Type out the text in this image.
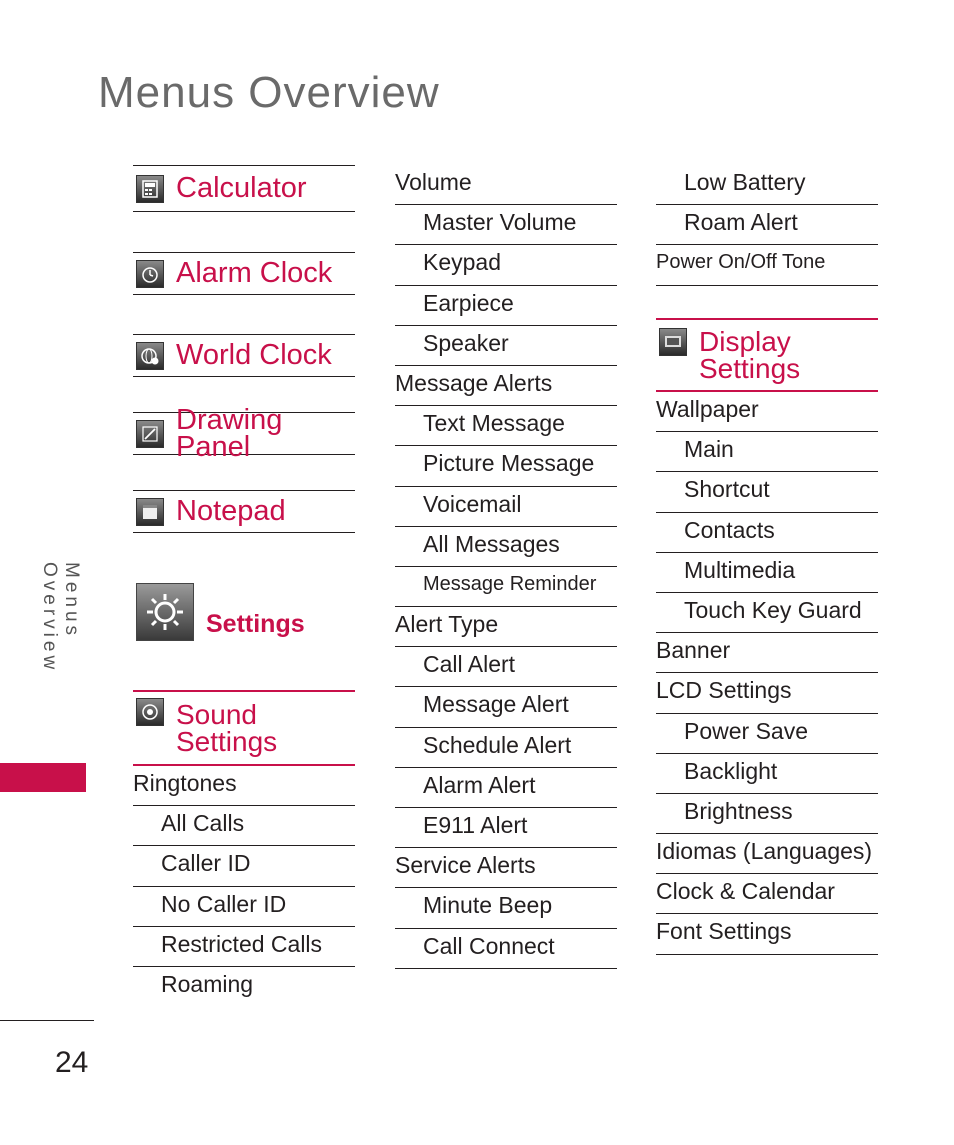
Menus Overview
Menus Overview
24
Calculator
Alarm Clock
World Clock
Drawing Panel
Notepad
Settings
Sound
Settings
Ringtones
All Calls
Caller ID
No Caller ID
Restricted Calls
Roaming
Volume
Master Volume
Keypad
Earpiece
Speaker
Message Alerts
Text Message
Picture Message
Voicemail
All Messages
Message Reminder
Alert Type
Call Alert
Message Alert
Schedule Alert
Alarm Alert
E911 Alert
Service Alerts
Minute Beep
Call Connect
Low Battery
Roam Alert
Power On/Off Tone
Display
Settings
Wallpaper
Main
Shortcut
Contacts
Multimedia
Touch Key Guard
Banner
LCD Settings
Power Save
Backlight
Brightness
Idiomas (Languages)
Clock & Calendar
Font Settings
